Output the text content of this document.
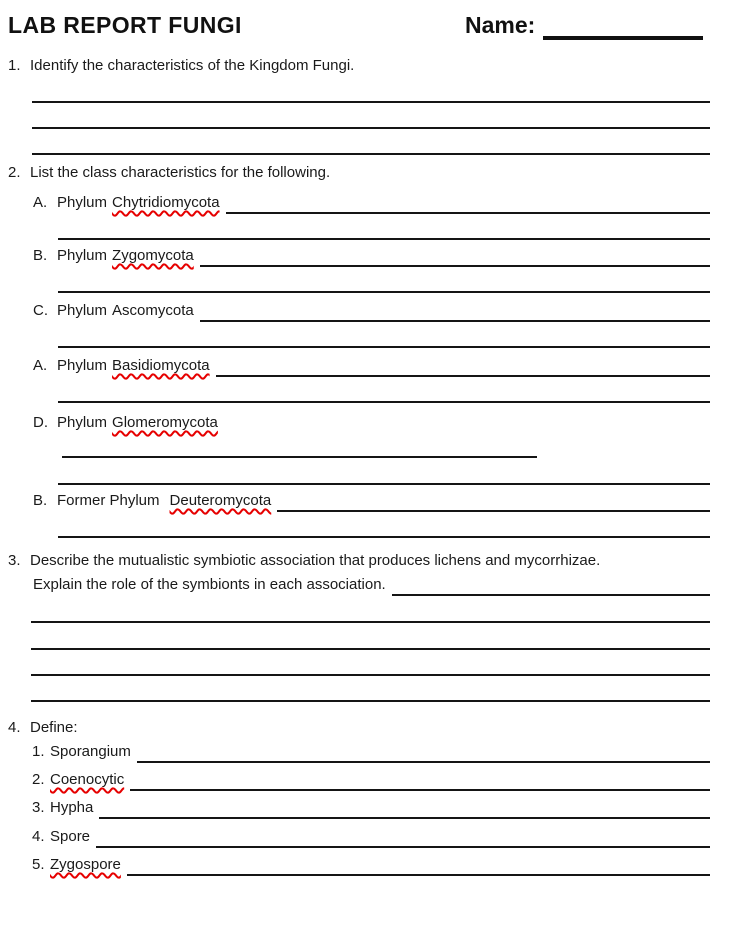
LAB REPORT FUNGI	Name:
1. Identify the characteristics of the Kingdom Fungi.
2. List the class characteristics for the following.
A. Phylum Chytridiomycota
B. Phylum Zygomycota
C. Phylum Ascomycota
A. Phylum Basidiomycota
D. Phylum Glomeromycota
B. Former Phylum Deuteromycota
3. Describe the mutualistic symbiotic association that produces lichens and mycorrhizae.
Explain the role of the symbionts in each association.
4. Define:
1. Sporangium
2. Coenocytic
3. Hypha
4. Spore
5. Zygospore
